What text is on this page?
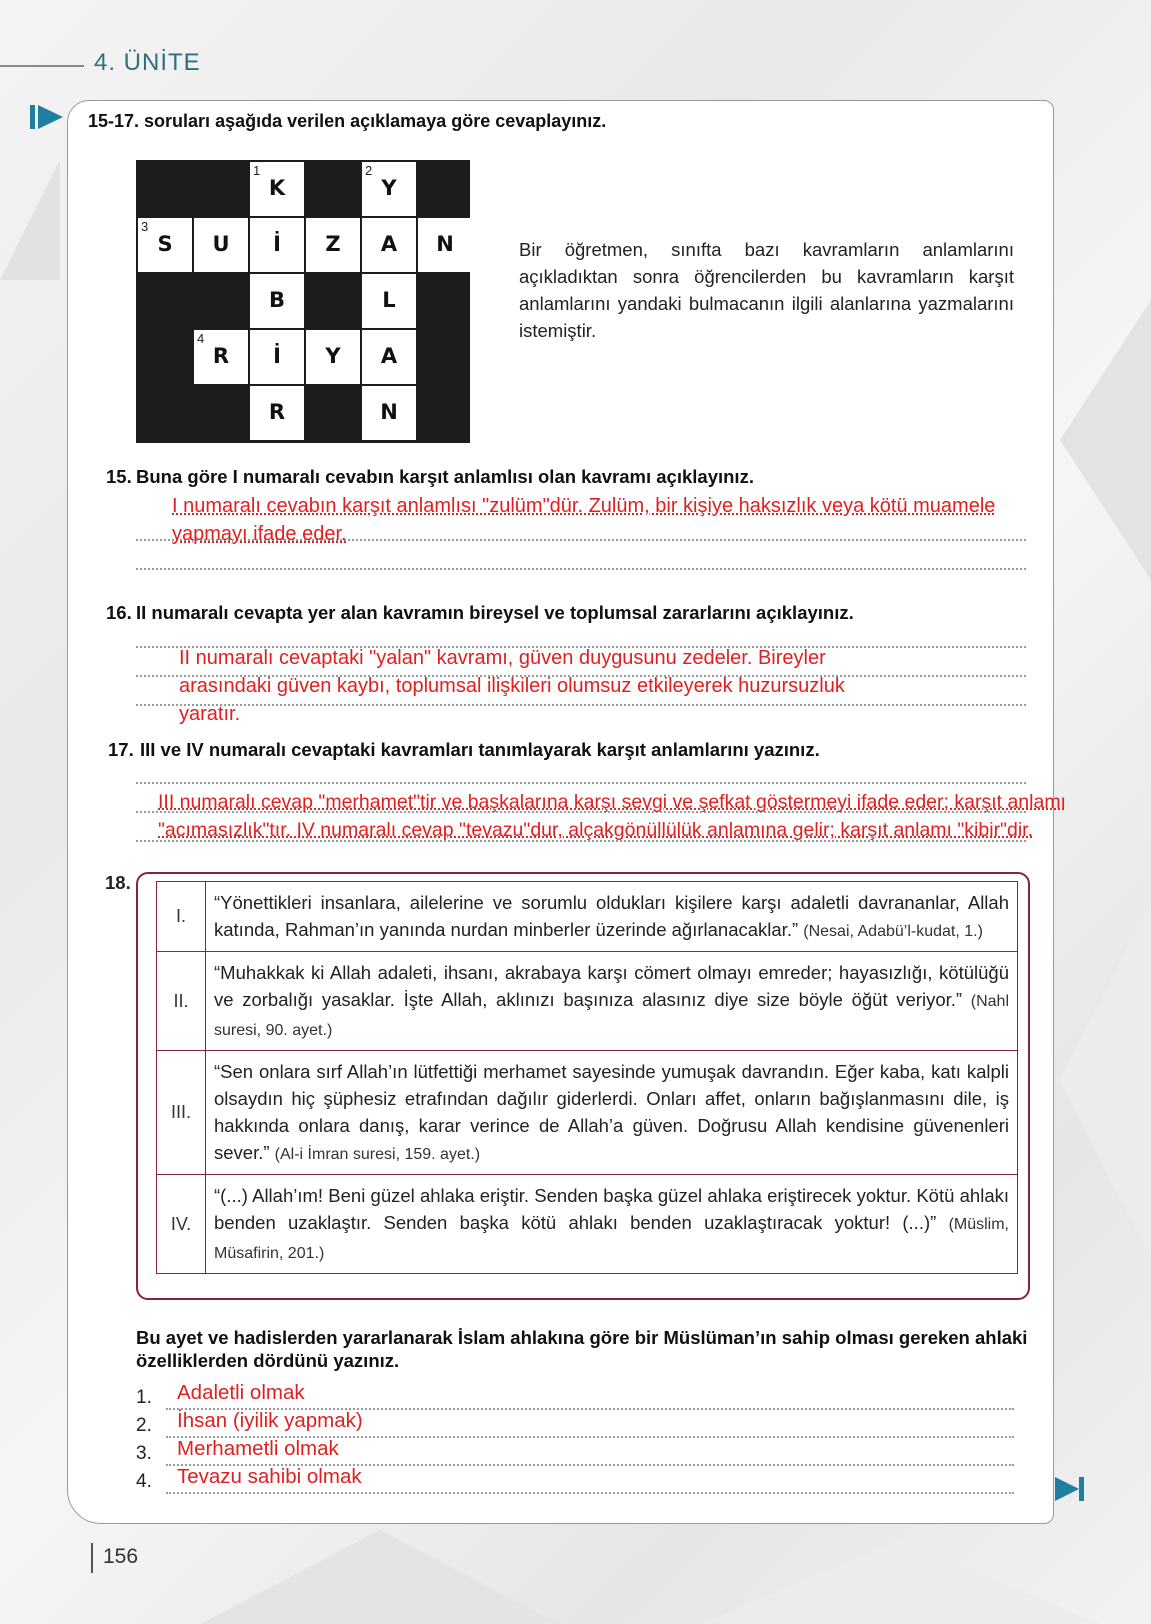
4. ÜNİTE
15-17. soruları aşağıda verilen açıklamaya göre cevaplayınız.
1
K
2
Y
3
S	U	İ	Z	A	N
B	L
4
R	İ	Y	A
R	N
Bir öğretmen, sınıfta bazı kavramların anlamlarını açıkladıktan sonra öğrencilerden bu kavramların karşıt anlamlarını yandaki bulmacanın ilgili alanlarına yazmalarını istemiştir.
15. Buna göre I numaralı cevabın karşıt anlamlısı olan kavramı açıklayınız.
I numaralı cevabın karşıt anlamlısı "zulüm"dür. Zulüm, bir kişiye haksızlık veya kötü muamele yapmayı ifade eder.
16. II numaralı cevapta yer alan kavramın bireysel ve toplumsal zararlarını açıklayınız.
II numaralı cevaptaki "yalan" kavramı, güven duygusunu zedeler. Bireyler arasındaki güven kaybı, toplumsal ilişkileri olumsuz etkileyerek huzursuzluk yaratır.
17. III ve IV numaralı cevaptaki kavramları tanımlayarak karşıt anlamlarını yazınız.
III numaralı cevap "merhamet"tir ve başkalarına karşı sevgi ve şefkat göstermeyi ifade eder; karşıt anlamı
"acımasızlık"tır. IV numaralı cevap "tevazu"dur, alçakgönüllülük anlamına gelir; karşıt anlamı "kibir"dir.
18.
I.	“Yönettikleri insanlara, ailelerine ve sorumlu oldukları kişilere karşı adaletli davrananlar, Allah katında, Rahman’ın yanında nurdan minberler üzerinde ağırlanacaklar.” (Nesai, Adabü’l-kudat, 1.)
II.	“Muhakkak ki Allah adaleti, ihsanı, akrabaya karşı cömert olmayı emreder; hayasızlığı, kötülüğü ve zorbalığı yasaklar. İşte Allah, aklınızı başınıza alasınız diye size böyle öğüt veriyor.” (Nahl suresi, 90. ayet.)
III.	“Sen onlara sırf Allah’ın lütfettiği merhamet sayesinde yumuşak davrandın. Eğer kaba, katı kalpli olsaydın hiç şüphesiz etrafından dağılır giderlerdi. Onları affet, onların bağışlanmasını dile, iş hakkında onlara danış, karar verince de Allah’a güven. Doğrusu Allah kendisine güvenenleri sever.” (Al-i İmran suresi, 159. ayet.)
IV.	“(...) Allah’ım! Beni güzel ahlaka eriştir. Senden başka güzel ahlaka eriştirecek yoktur. Kötü ahlakı benden uzaklaştır. Senden başka kötü ahlakı benden uzaklaştıracak yoktur! (...)” (Müslim, Müsafirin, 201.)
Bu ayet ve hadislerden yararlanarak İslam ahlakına göre bir Müslüman’ın sahip olması gereken ahlaki özelliklerden dördünü yazınız.
1. Adaletli olmak
2. İhsan (iyilik yapmak)
3. Merhametli olmak
4. Tevazu sahibi olmak
156
